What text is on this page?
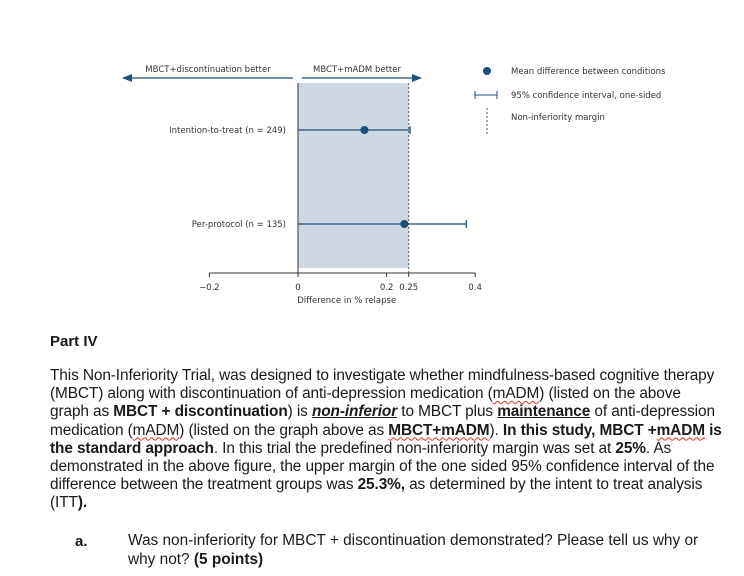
MBCT+discontinuation better	MBCT+mADM better
−0.2	0	0.2 0.25	0.4
Difference in % relapse
Intention-to-treat (n = 249)
Per-protocol (n = 135)
Mean difference between conditions
95% confidence interval, one-sided
Non-inferiority margin
Part IV

This Non-Inferiority Trial, was designed to investigate whether mindfulness-based cognitive therapy (MBCT) along with discontinuation of anti-depression medication (mADM) (listed on the above graph as MBCT + discontinuation) is non-inferior to MBCT plus maintenance of anti-depression medication (mADM) (listed on the graph above as MBCT+mADM). In this study, MBCT +mADM is the standard approach. In this trial the predefined non-inferiority margin was set at 25%. As demonstrated in the above figure, the upper margin of the one sided 95% confidence interval of the difference between the treatment groups was 25.3%, as determined by the intent to treat analysis (ITT).

a.	Was non-inferiority for MBCT + discontinuation demonstrated? Please tell us why or why not? (5 points)
